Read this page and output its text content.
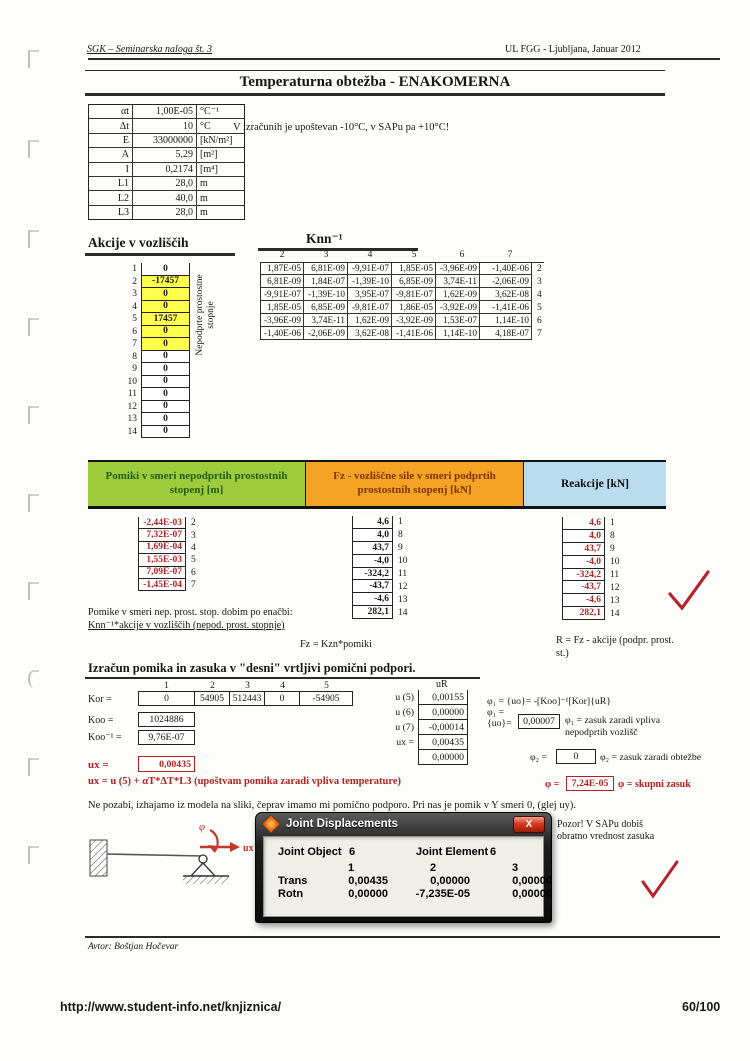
SGK – Seminarska naloga št. 3	UL FGG - Ljubljana, Januar 2012
Temperaturna obtežba - ENAKOMERNA
αt	1,00E-05 °C⁻¹
Δt	10 °C
E	33000000 [kN/m²]
A	5,29 [m²]
I	0,2174 [m⁴]
L1	28,0 m
L2	40,0 m
L3	28,0 m
V izračunih je upoštevan -10°C, v SAPu pa +10°C!
Akcije v vozliščih
1	0
2	-17457
3	0
4	0
5	17457
6	0
7	0
8	0
9	0
10	0
11	0
12	0
13	0
14	0
Nepodprte prostostne stopnje
Knn⁻¹
2	3	4	5	6	7
1,87E-05	6,81E-09 -9,91E-07	1,85E-05 -3,96E-09	-1,40E-06 2
6,81E-09	1,84E-07 -1,39E-10	6,85E-09	3,74E-11	-2,06E-09 3
-9,91E-07 -1,39E-10	3,95E-07 -9,81E-07	1,62E-09	3,62E-08 4
1,85E-05	6,85E-09 -9,81E-07	1,86E-05 -3,92E-09	-1,41E-06 5
-3,96E-09	3,74E-11	1,62E-09 -3,92E-09	1,53E-07	1,14E-10 6
-1,40E-06 -2,06E-09	3,62E-08 -1,41E-06	1,14E-10	4,18E-07 7
Pomiki v smeri nepodprtih prostostnih stopenj [m]
Fz - vozliščne sile v smeri podprtih prostostnih stopenj [kN]
Reakcije [kN]
-2,44E-03 2
7,32E-07 3
1,69E-04 4
1,55E-03 5
7,09E-07 6
-1,45E-04 7
Pomike v smeri nep. prost. stop. dobim po enačbi:
Knn⁻¹*akcije v vozliščih (nepod. prost. stopnje)
4,6 1
4,0 8
43,7 9
-4,0 10
-324,2 11
-43,7 12
-4,6 13
282,1 14
Fz = Kzn*pomiki
4,6 1
4,0 8
43,7 9
-4,0 10
-324,2 11
-43,7 12
-4,6 13
282,1 14
R = Fz - akcije (podpr. prost. st.)
Izračun pomika in zasuka v "desni" vrtljivi pomični podpori.
1	2	3	4	5
Kor =	0	54905 512443	0	-54905
Koo =	1024886
Koo⁻¹ =	9,76E-07
ux =	0,00435
ux = u (5) + αT*ΔT*L3 (upoštvam pomika zaradi vpliva temperature)
Ne pozabi, izhajamo iz modela na sliki, čeprav imamo mi pomično podporo. Pri nas je pomik v Y smeri 0, (glej uy).
uR
u (5)	0,00155
u (6)	0,00000
u (7)	-0,00014
ux =	0,00435
0,00000
φ₁ = {uo}= -[Koo]⁻¹[Kor]{uR}
φ₁ =
{uo}=	0,00007	φ₁ = zasuk zaradi vpliva nepodprtih vozlišč
φ₂ =	0	φ₂ = zasuk zaradi obtežbe
φ =	7,24E-05 φ = skupni zasuk
φ
ux
Joint Displacements	X
Joint Object 6	Joint Element 6
1	2	3
Trans	0,00435	0,00000	0,00000
Rotn	0,00000	-7,235E-05	0,00000
Pozor! V SAPu dobiš
obratno vrednost zasuka
Avtor: Boštjan Hočevar
http://www.student-info.net/knjiznica/	60/100
